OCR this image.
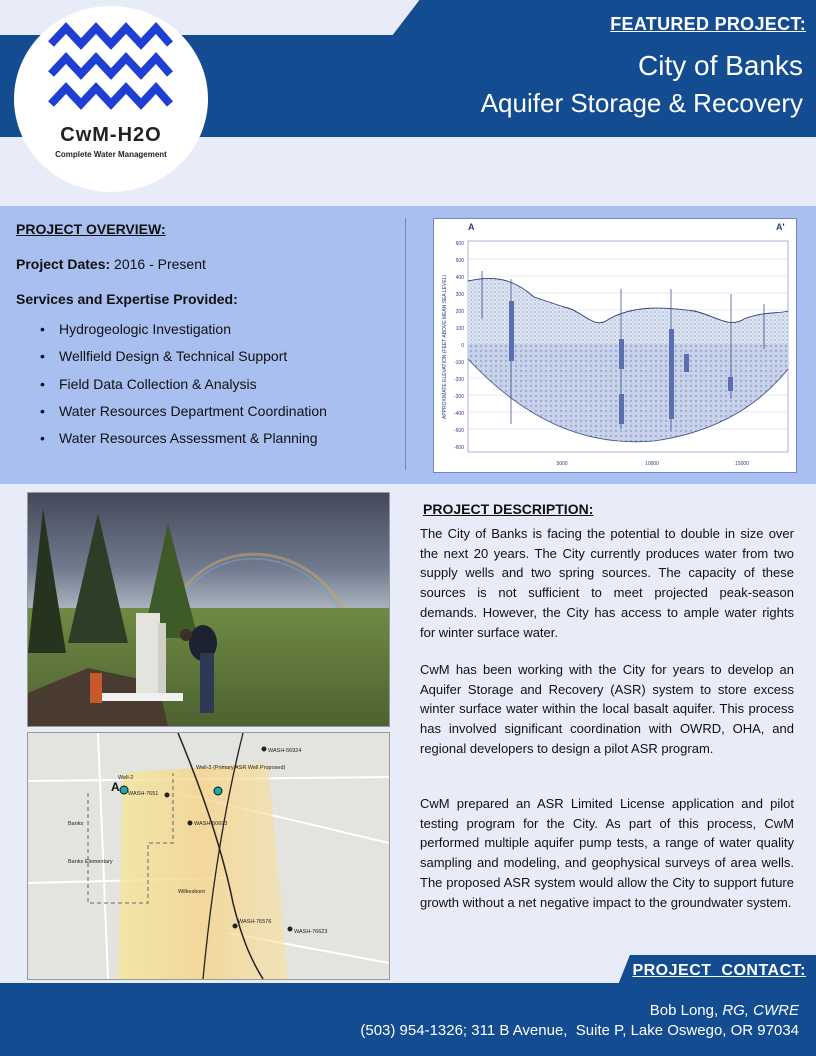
FEATURED PROJECT:
City of Banks
Aquifer Storage & Recovery
CwM-H2O
Complete Water Management
PROJECT OVERVIEW:
Project Dates: 2016 - Present
Services and Expertise Provided:
• Hydrogeologic Investigation
• Wellfield Design & Technical Support
• Field Data Collection & Analysis
• Water Resources Department Coordination
• Water Resources Assessment & Planning
A	A'
APPROXIMATE ELEVATION (FEET ABOVE MEAN SEA LEVEL)
600
500
400
300
200
100
0
-100
-200
-300
-400
-500
-600
5000	10000	15000
A
Well-2
Well-3 (Primary ASR Well Proposed)
WASH-7651
WASH-50693
WASH-56924
WASH-76576
WASH-76623
Banks
Banks Elementary
Wilkesboro
PROJECT DESCRIPTION:
The City of Banks is facing the potential to double in size over the next 20 years. The City currently produces water from two supply wells and two spring sources. The capacity of these sources is not sufficient to meet projected peak-season demands. However, the City has access to ample water rights for winter surface water.
CwM has been working with the City for years to develop an Aquifer Storage and Recovery (ASR) system to store excess winter surface water within the local basalt aquifer. This process has involved significant coordination with OWRD, OHA, and regional developers to design a pilot ASR program.
CwM prepared an ASR Limited License application and pilot testing program for the City. As part of this process, CwM performed multiple aquifer pump tests, a range of water quality sampling and modeling, and geophysical surveys of area wells. The proposed ASR system would allow the City to support future growth without a net negative impact to the groundwater system.
PROJECT  CONTACT:
Bob Long, RG, CWRE
(503) 954-1326; 311 B Avenue,  Suite P, Lake Oswego, OR 97034
